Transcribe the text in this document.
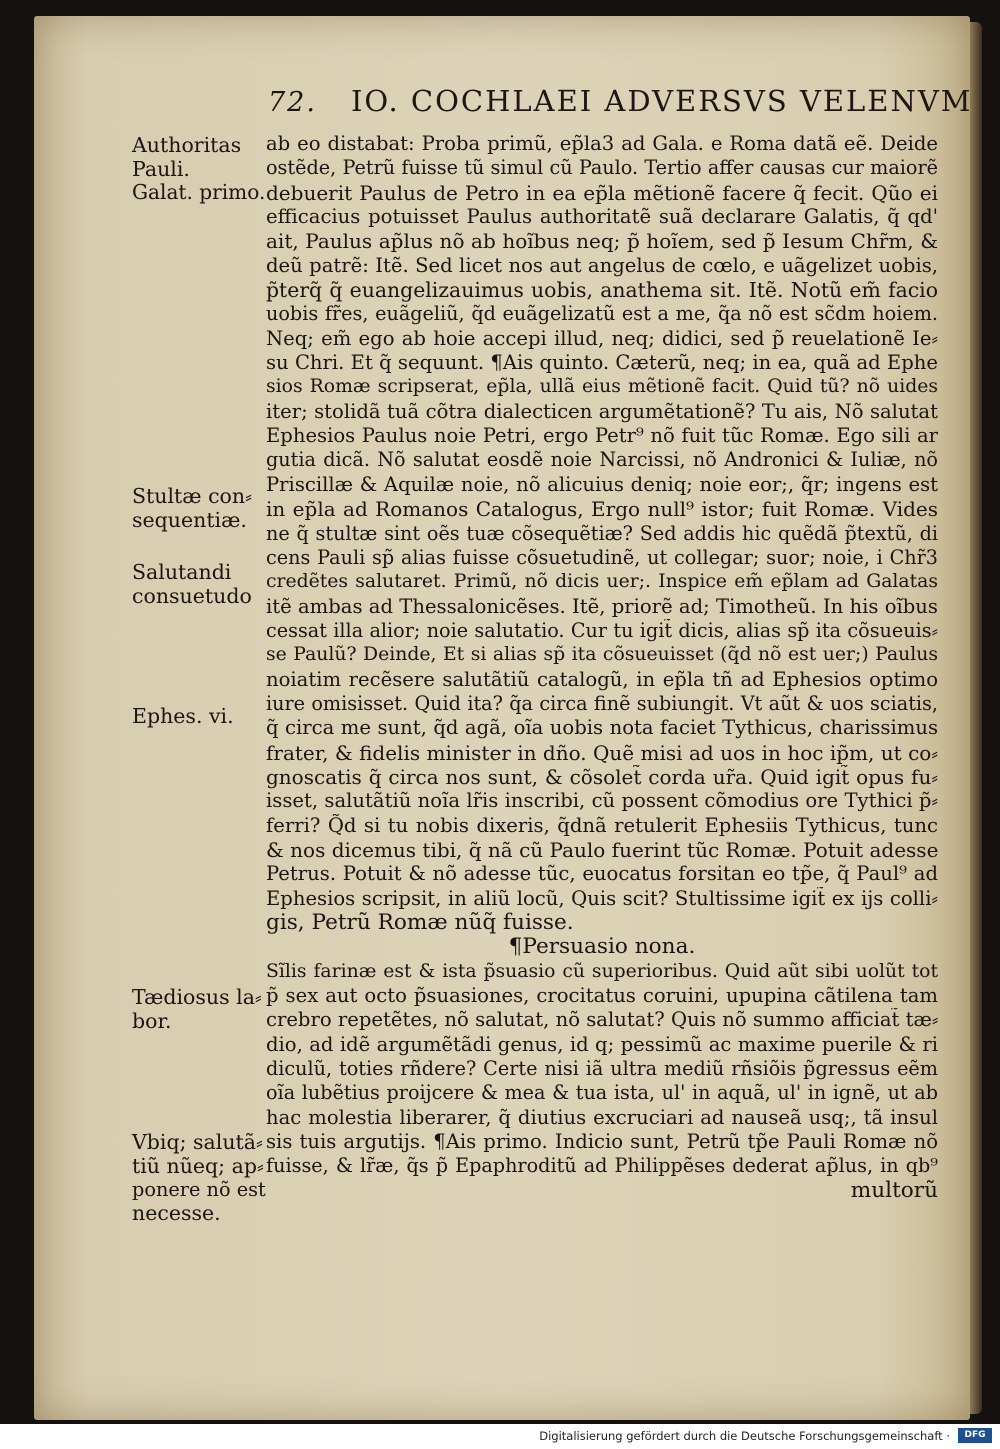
72. IO. COCHLAEI ADVERSVS VELENVM
Authoritas
Pauli.
Galat. primo.
Stultæ con⸗
sequentiæ.
Salutandi
consuetudo
Ephes. vi.
Tædiosus la⸗
bor.
Vbiq; salutã⸗
tiũ nũeq; ap⸗
ponere nõ est
necesse.
ab eo distabat: Proba primũ, ep̃la3 ad Gala. e Roma datã eẽ. Deide
ostẽde, Petrũ fuisse tũ simul cũ Paulo. Tertio affer causas cur maiorẽ
debuerit Paulus de Petro in ea ep̃la mẽtionẽ facere q̃ fecit. Qũo ei
efficacius potuisset Paulus authoritatẽ suã declarare Galatis, q̃ qd'
ait, Paulus ap̃lus nõ ab hoĩbus neq; p̃ hoĩem, sed p̃ Iesum Chr̃m, &
deũ patrẽ: Itẽ. Sed licet nos aut angelus de cœlo, e uãgelizet uobis,
p̃terq̃ q̃ euangelizauimus uobis, anathema sit. Itẽ. Notũ em̃ facio
uobis fr̃es, euãgeliũ, q̃d euãgelizatũ est a me, q̃a nõ est sc̃dm hoiem.
Neq; em̃ ego ab hoie accepi illud, neq; didici, sed p̃ reuelationẽ Ie⸗
su Chri. Et q̃ sequunt. ¶Ais quinto. Cæterũ, neq; in ea, quã ad Ephe
sios Romæ scripserat, ep̃la, ullã eius mẽtionẽ facit. Quid tũ? nõ uides
iter; stolidã tuã cõtra dialecticen argumẽtationẽ? Tu ais, Nõ salutat
Ephesios Paulus noie Petri, ergo Petr⁹ nõ fuit tũc Romæ. Ego sili ar
gutia dicã. Nõ salutat eosdẽ noie Narcissi, nõ Andronici & Iuliæ, nõ
Priscillæ & Aquilæ noie, nõ alicuius deniq; noie eor;, q̃r; ingens est
in ep̃la ad Romanos Catalogus, Ergo null⁹ istor; fuit Romæ. Vides
ne q̃ stultæ sint oẽs tuæ cõsequẽtiæ? Sed addis hic quẽdã p̃textũ, di
cens Pauli sp̃ alias fuisse cõsuetudinẽ, ut collegar; suor; noie, i Chr̃3
credẽtes salutaret. Primũ, nõ dicis uer;. Inspice em̃ ep̃lam ad Galatas
itẽ ambas ad Thessalonicẽses. Itẽ, priorẽ ad; Timotheũ. In his oĩbus
cessat illa alior; noie salutatio. Cur tu igit̃ dicis, alias sp̃ ita cõsueuis⸗
se Paulũ? Deinde, Et si alias sp̃ ita cõsueuisset (q̃d nõ est uer;) Paulus
noiatim recẽsere salutãtiũ catalogũ, in ep̃la tñ ad Ephesios optimo
iure omisisset. Quid ita? q̃a circa finẽ subiungit. Vt aũt & uos sciatis,
q̃ circa me sunt, q̃d agã, oĩa uobis nota faciet Tythicus, charissimus
frater, & fidelis minister in dño. Quẽ misi ad uos in hoc ip̃m, ut co⸗
gnoscatis q̃ circa nos sunt, & cõsolet̃ corda ur̃a. Quid igit̃ opus fu⸗
isset, salutãtiũ noĩa lr̃is inscribi, cũ possent cõmodius ore Tythici p̃⸗
ferri? Q̃d si tu nobis dixeris, q̃dnã retulerit Ephesiis Tythicus, tunc
& nos dicemus tibi, q̃ nã cũ Paulo fuerint tũc Romæ. Potuit adesse
Petrus. Potuit & nõ adesse tũc, euocatus forsitan eo tp̃e, q̃ Paul⁹ ad
Ephesios scripsit, in aliũ locũ, Quis scit? Stultissime igit̃ ex ijs colli⸗
gis, Petrũ Romæ nũq̃ fuisse.
¶Persuasio nona.
Sĩlis farinæ est & ista p̃suasio cũ superioribus. Quid aũt sibi uolũt tot
p̃ sex aut octo p̃suasiones, crocitatus coruini, upupina cãtilena tam
crebro repetẽtes, nõ salutat, nõ salutat? Quis nõ summo afficiat̃ tæ⸗
dio, ad idẽ argumẽtãdi genus, id q; pessimũ ac maxime puerile & ri
diculũ, toties rñdere? Certe nisi iã ultra mediũ rñsiõis p̃gressus eẽm
oĩa lubẽtius proijcere & mea & tua ista, ul' in aquã, ul' in ignẽ, ut ab
hac molestia liberarer, q̃ diutius excruciari ad nauseã usq;, tã insul
sis tuis argutijs. ¶Ais primo. Indicio sunt, Petrũ tp̃e Pauli Romæ nõ
fuisse, & lr̃æ, q̃s p̃ Epaphroditũ ad Philippẽses dederat ap̃lus, in qb⁹
multorũ
Digitalisierung gefördert durch die Deutsche Forschungsgemeinschaft ·	DFG
